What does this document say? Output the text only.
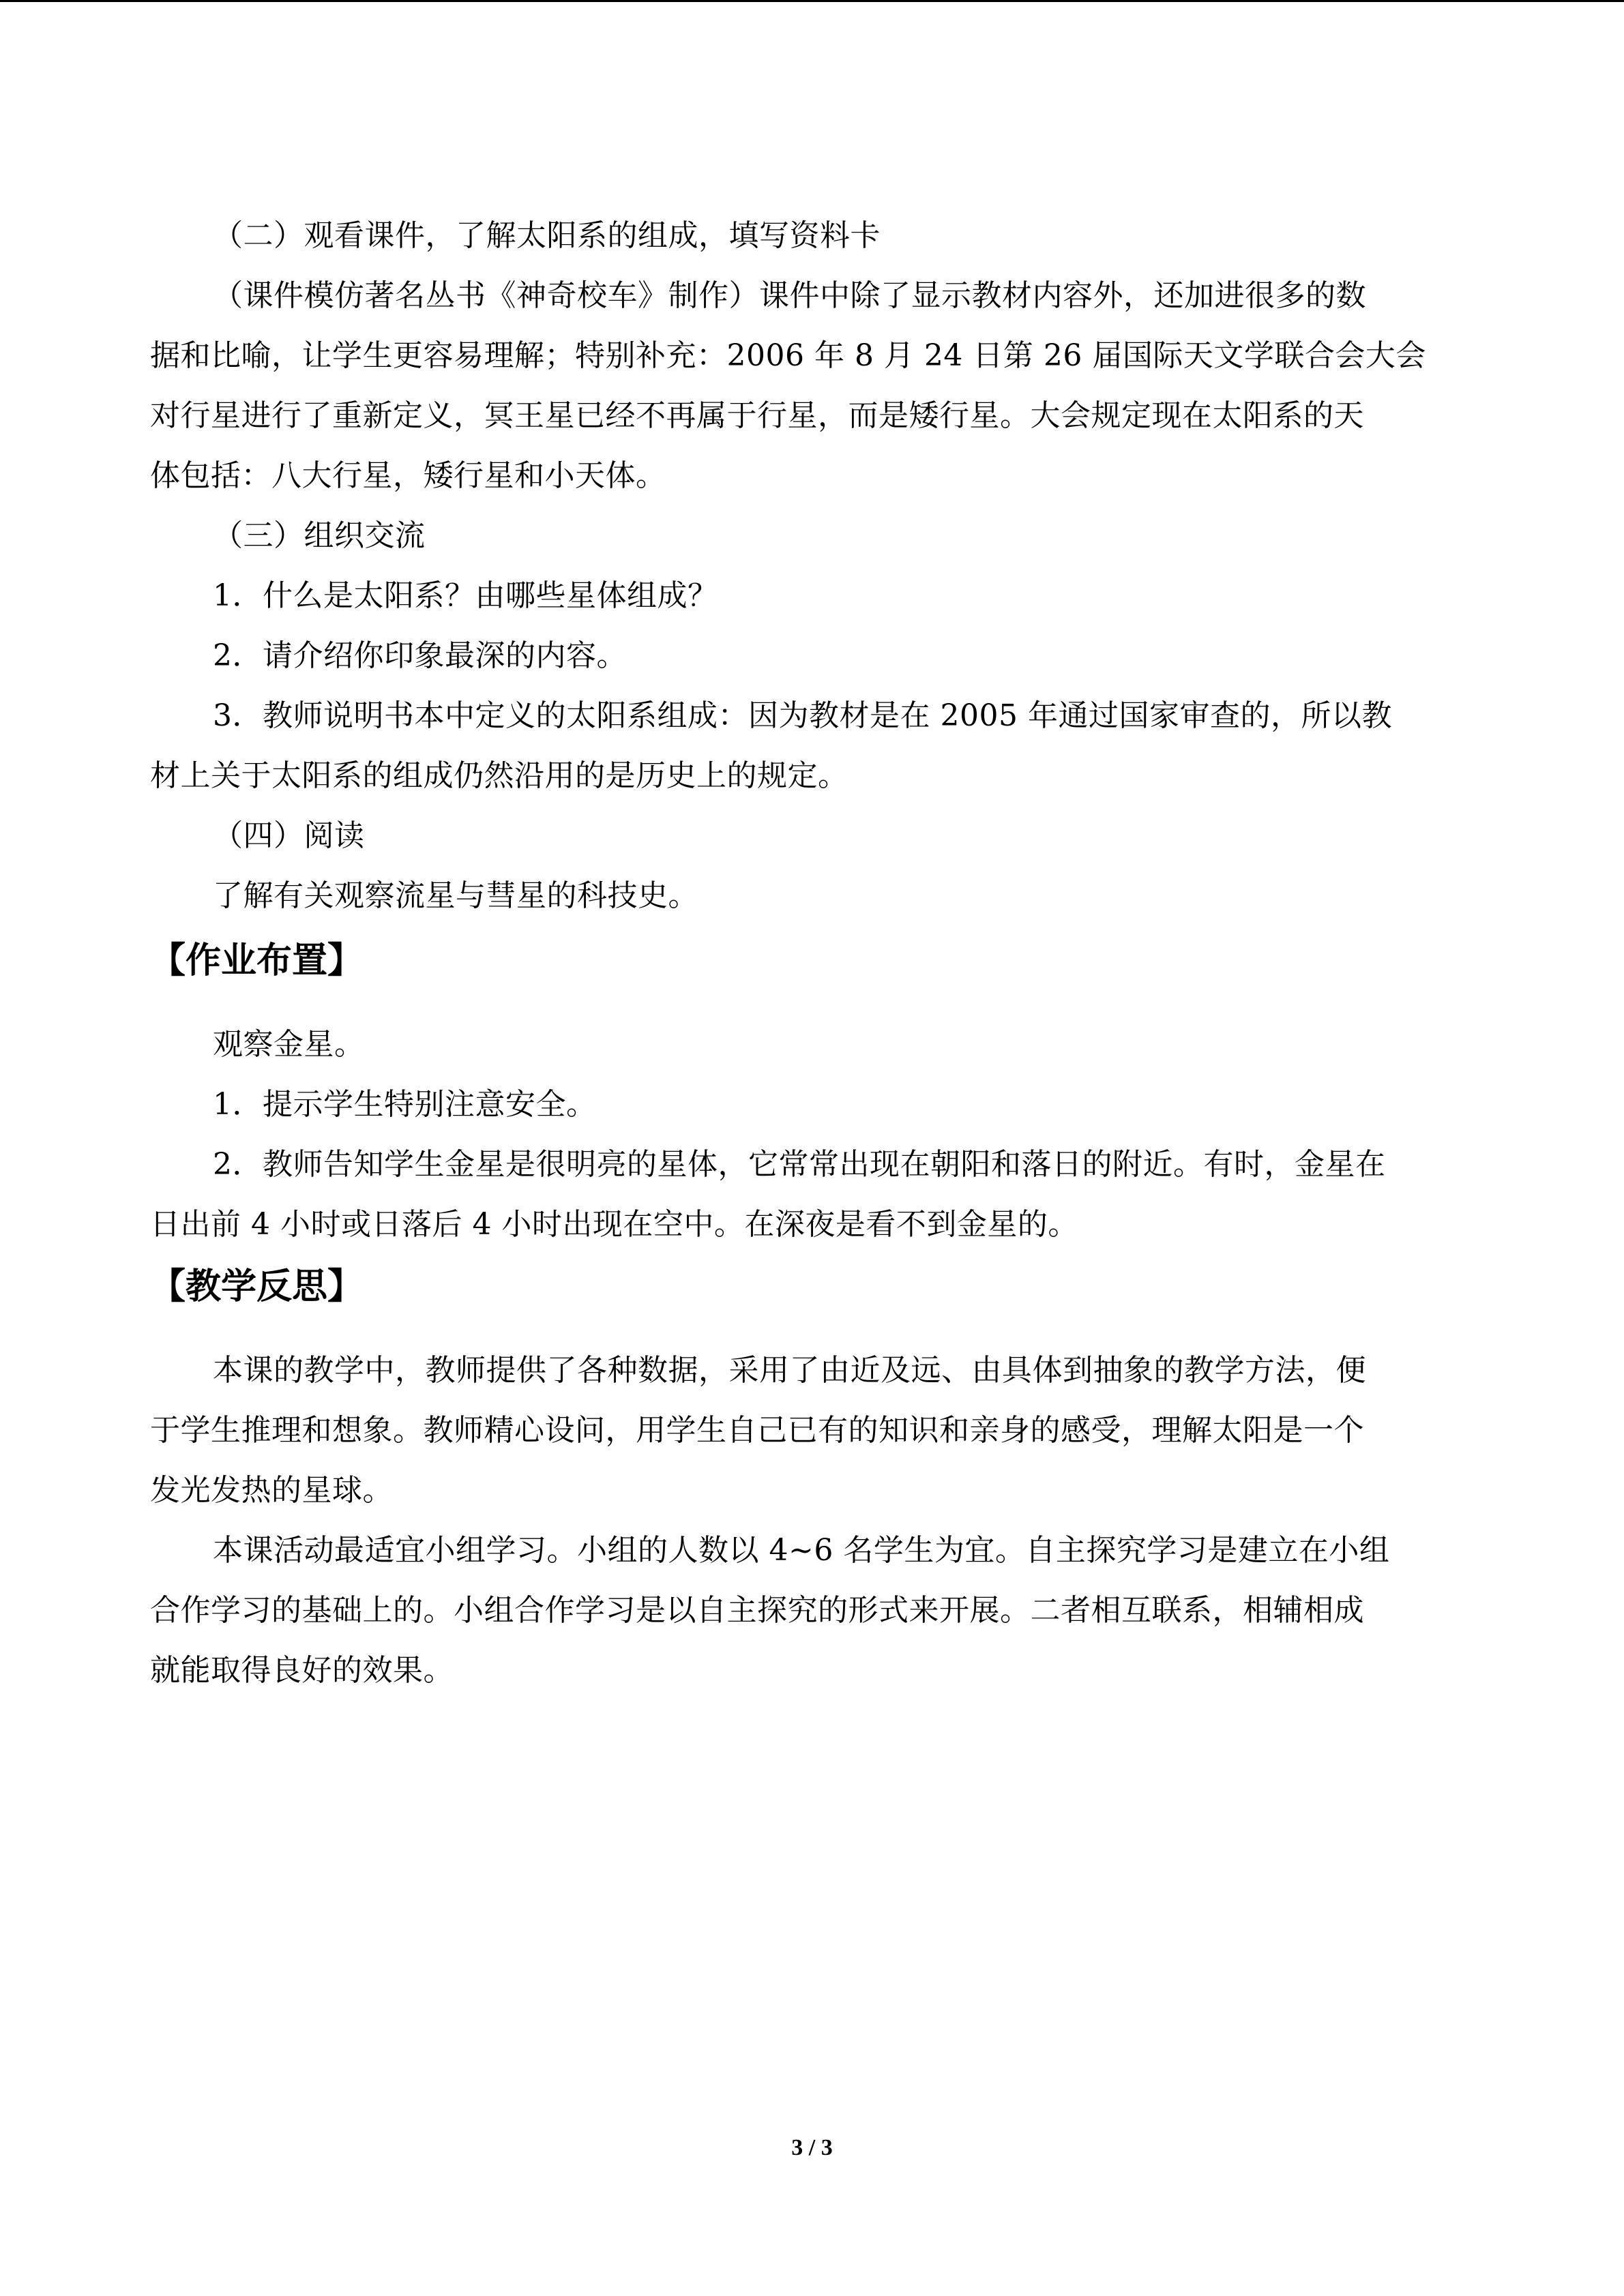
（二）观看课件，了解太阳系的组成，填写资料卡
（课件模仿著名丛书《神奇校车》制作）课件中除了显示教材内容外，还加进很多的数
据和比喻，让学生更容易理解；特别补充：2006 年 8 月 24 日第 26 届国际天文学联合会大会
对行星进行了重新定义，冥王星已经不再属于行星，而是矮行星。大会规定现在太阳系的天
体包括：八大行星，矮行星和小天体。
（三）组织交流
1．什么是太阳系？由哪些星体组成？
2．请介绍你印象最深的内容。
3．教师说明书本中定义的太阳系组成：因为教材是在 2005 年通过国家审查的，所以教
材上关于太阳系的组成仍然沿用的是历史上的规定。
（四）阅读
了解有关观察流星与彗星的科技史。
【作业布置】
观察金星。
1．提示学生特别注意安全。
2．教师告知学生金星是很明亮的星体，它常常出现在朝阳和落日的附近。有时，金星在
日出前 4 小时或日落后 4 小时出现在空中。在深夜是看不到金星的。
【教学反思】
本课的教学中，教师提供了各种数据，采用了由近及远、由具体到抽象的教学方法，便
于学生推理和想象。教师精心设问，用学生自己已有的知识和亲身的感受，理解太阳是一个
发光发热的星球。
本课活动最适宜小组学习。小组的人数以 4~6 名学生为宜。自主探究学习是建立在小组
合作学习的基础上的。小组合作学习是以自主探究的形式来开展。二者相互联系，相辅相成
就能取得良好的效果。
3 / 3
